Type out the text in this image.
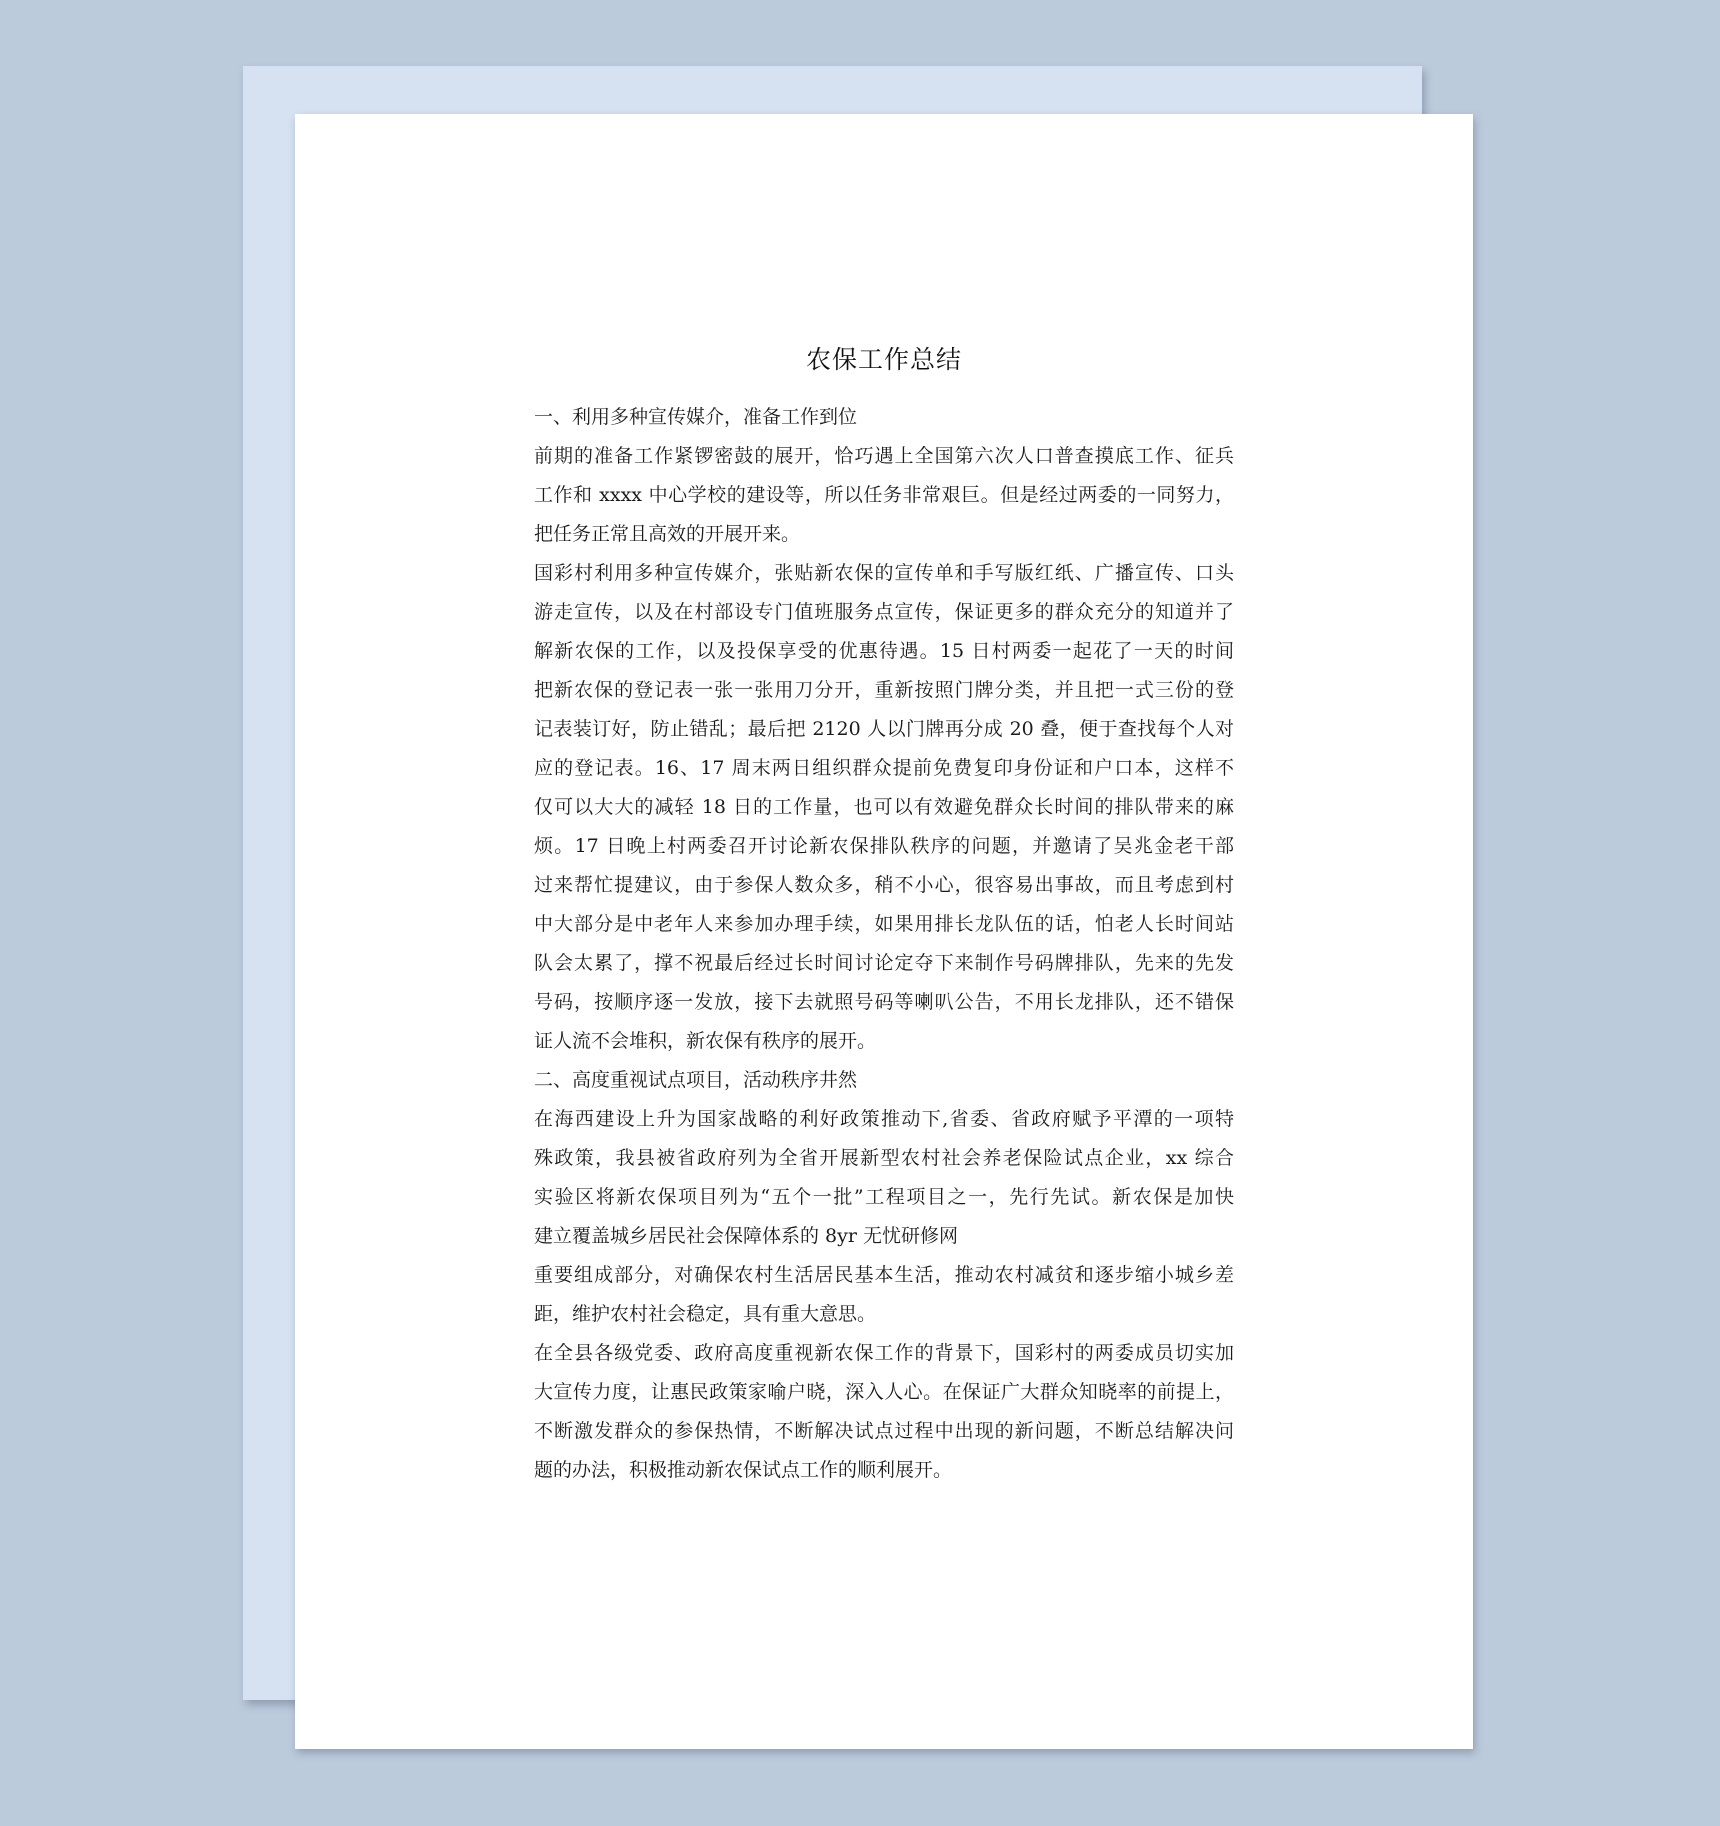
农保工作总结
一、利用多种宣传媒介，准备工作到位
前期的准备工作紧锣密鼓的展开，恰巧遇上全国第六次人口普查摸底工作、征兵
工作和 xxxx 中心学校的建设等，所以任务非常艰巨。但是经过两委的一同努力，
把任务正常且高效的开展开来。
国彩村利用多种宣传媒介，张贴新农保的宣传单和手写版红纸、广播宣传、口头
游走宣传，以及在村部设专门值班服务点宣传，保证更多的群众充分的知道并了
解新农保的工作，以及投保享受的优惠待遇。15 日村两委一起花了一天的时间
把新农保的登记表一张一张用刀分开，重新按照门牌分类，并且把一式三份的登
记表装订好，防止错乱；最后把 2120 人以门牌再分成 20 叠，便于查找每个人对
应的登记表。16、17 周末两日组织群众提前免费复印身份证和户口本，这样不
仅可以大大的减轻 18 日的工作量，也可以有效避免群众长时间的排队带来的麻
烦。17 日晚上村两委召开讨论新农保排队秩序的问题，并邀请了吴兆金老干部
过来帮忙提建议，由于参保人数众多，稍不小心，很容易出事故，而且考虑到村
中大部分是中老年人来参加办理手续，如果用排长龙队伍的话，怕老人长时间站
队会太累了，撑不祝最后经过长时间讨论定夺下来制作号码牌排队，先来的先发
号码，按顺序逐一发放，接下去就照号码等喇叭公告，不用长龙排队，还不错保
证人流不会堆积，新农保有秩序的展开。
二、高度重视试点项目，活动秩序井然
在海西建设上升为国家战略的利好政策推动下,省委、省政府赋予平潭的一项特
殊政策，我县被省政府列为全省开展新型农村社会养老保险试点企业，xx 综合
实验区将新农保项目列为“五个一批”工程项目之一，先行先试。新农保是加快
建立覆盖城乡居民社会保障体系的 8yr 无忧研修网
重要组成部分，对确保农村生活居民基本生活，推动农村减贫和逐步缩小城乡差
距，维护农村社会稳定，具有重大意思。
在全县各级党委、政府高度重视新农保工作的背景下，国彩村的两委成员切实加
大宣传力度，让惠民政策家喻户晓，深入人心。在保证广大群众知晓率的前提上，
不断激发群众的参保热情，不断解决试点过程中出现的新问题，不断总结解决问
题的办法，积极推动新农保试点工作的顺利展开。
